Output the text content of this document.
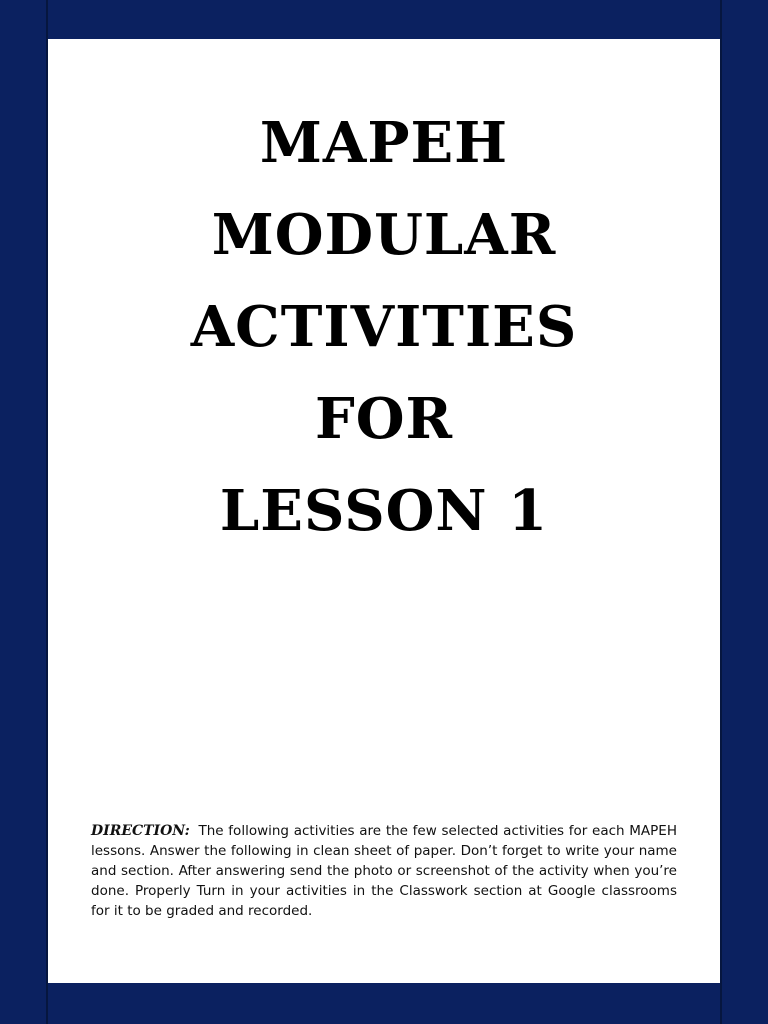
MAPEH
MODULAR
ACTIVITIES
FOR
LESSON 1

DIRECTION: The following activities are the few selected activities for each MAPEH lessons. Answer the following in clean sheet of paper. Don’t forget to write your name and section. After answering send the photo or screenshot of the activity when you’re done. Properly Turn in your activities in the Classwork section at Google classrooms for it to be graded and recorded.
